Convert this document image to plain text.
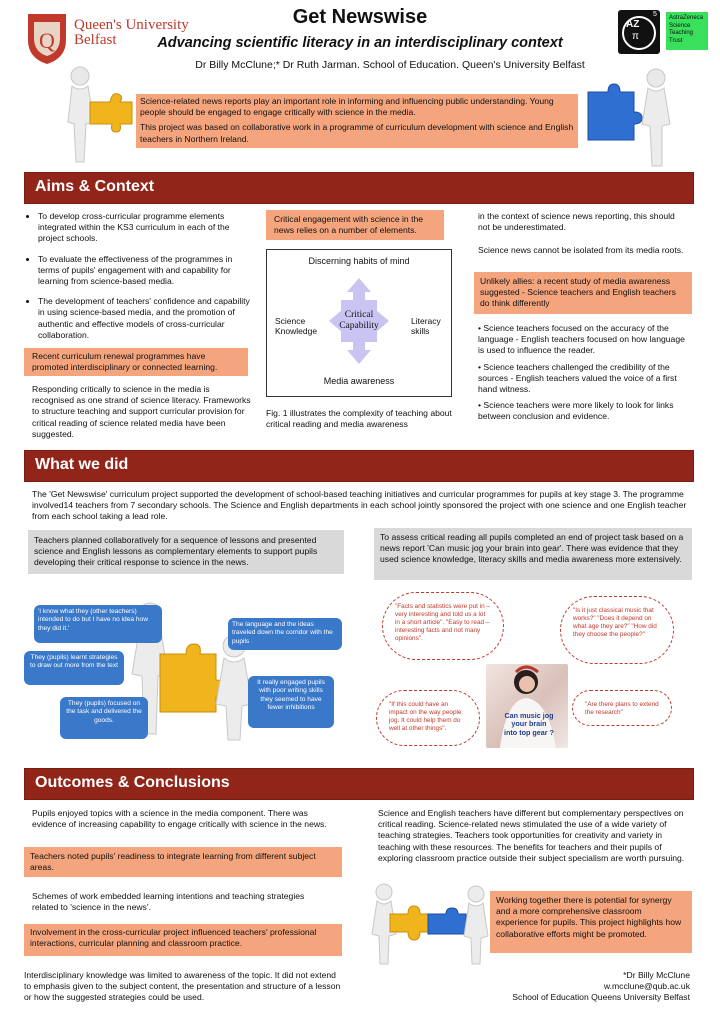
Q
Queen's University
Belfast
Get Newswise
Advancing scientific literacy in an interdisciplinary context
Dr Billy McClune;* Dr Ruth Jarman. School of Education. Queen's University Belfast
AZ
π
5	AstraZeneca Science Teaching Trust
Science-related news reports play an important role in informing and influencing public understanding. Young people should be engaged to engage critically with science in the media.
This project was based on collaborative work in a programme of curriculum development with science and English teachers in Northern Ireland.
Aims & Context
• To develop cross-curricular programme elements integrated within the KS3 curriculum in each of the project schools.
• To evaluate the effectiveness of the programmes in terms of pupils' engagement with and capability for learning from science-based media.
• The development of teachers' confidence and capability in using science-based media, and the promotion of authentic and effective models of cross-curricular collaboration.
Recent curriculum renewal programmes have promoted interdisciplinary or connected learning.
Responding critically to science in the media is recognised as one strand of science literacy. Frameworks to structure teaching and support curricular provision for critical reading of science related media have been suggested.
Critical engagement with science in the news relies on a number of elements.
Discerning habits of mind
Science Knowledge
Critical Capability	Literacy skills
Media awareness
Fig. 1 illustrates the complexity of teaching about critical reading and media awareness
in the context of science news reporting, this should not be underestimated.
Science news cannot be isolated from its media roots.
Unlikely allies: a recent study of media awareness suggested - Science teachers and English teachers do think differently
• Science teachers focused on the accuracy of the language - English teachers focused on how language is used to influence the reader.
• Science teachers challenged the credibility of the sources - English teachers valued the voice of a first hand witness.
• Science teachers were more likely to look for links between conclusion and evidence.
What we did
The 'Get Newswise' curriculum project supported the development of school-based teaching initiatives and curricular programmes for pupils at key stage 3. The programme involved14 teachers from 7 secondary schools. The Science and English departments in each school jointly sponsored the project with one science and one English teacher from each school taking a lead role.
Teachers planned collaboratively for a sequence of lessons and presented science and English lessons as complementary elements to support pupils developing their critical response to science in the news.
To assess critical reading all pupils completed an end of project task based on a news report 'Can music jog your brain into gear'. There was evidence that they used science knowledge, literacy skills and media awareness more extensively.
'I know what they (other teachers) intended to do but I have no idea how they did it.'
The language and the ideas traveled down the corridor with the pupils
They (pupils) learnt strategies to draw out more from the text
It really engaged pupils with poor writing skills they seemed to have fewer inhibitions
They (pupils) focused on the task and delivered the goods.
"Facts and statistics were put in – very interesting and told us a lot in a short article". "Easy to read – interesting facts and not many opinions".
"Is it just classical music that works?" "Does it depend on what age they are?" "How did they choose the people?"
"If this could have an impact on the way people jog. It could help them do well at other things".
"Are there plans to extend the research"
Can music jog your brain into top gear ?
Outcomes & Conclusions
Pupils enjoyed topics with a science in the media component. There was evidence of increasing capability to engage critically with science in the news.
Teachers noted pupils' readiness to integrate learning from different subject areas.
Schemes of work embedded learning intentions and teaching strategies related to 'science in the news'.
Involvement in the cross-curricular project influenced teachers' professional interactions, curricular planning and classroom practice.
Interdisciplinary knowledge was limited to awareness of the topic. It did not extend to emphasis given to the subject content, the presentation and structure of a lesson or how the suggested strategies could be used.
Science and English teachers have different but complementary perspectives on critical reading. Science-related news stimulated the use of a wide variety of teaching strategies. Teachers took opportunities for creativity and variety in teaching with these resources. The benefits for teachers and their pupils of exploring classroom practice outside their subject specialism are worth pursuing.
Working together there is potential for synergy and a more comprehensive classroom experience for pupils. This project highlights how collaborative efforts might be promoted.
*Dr Billy McClune
w.mcclune@qub.ac.uk
School of Education Queens University Belfast
